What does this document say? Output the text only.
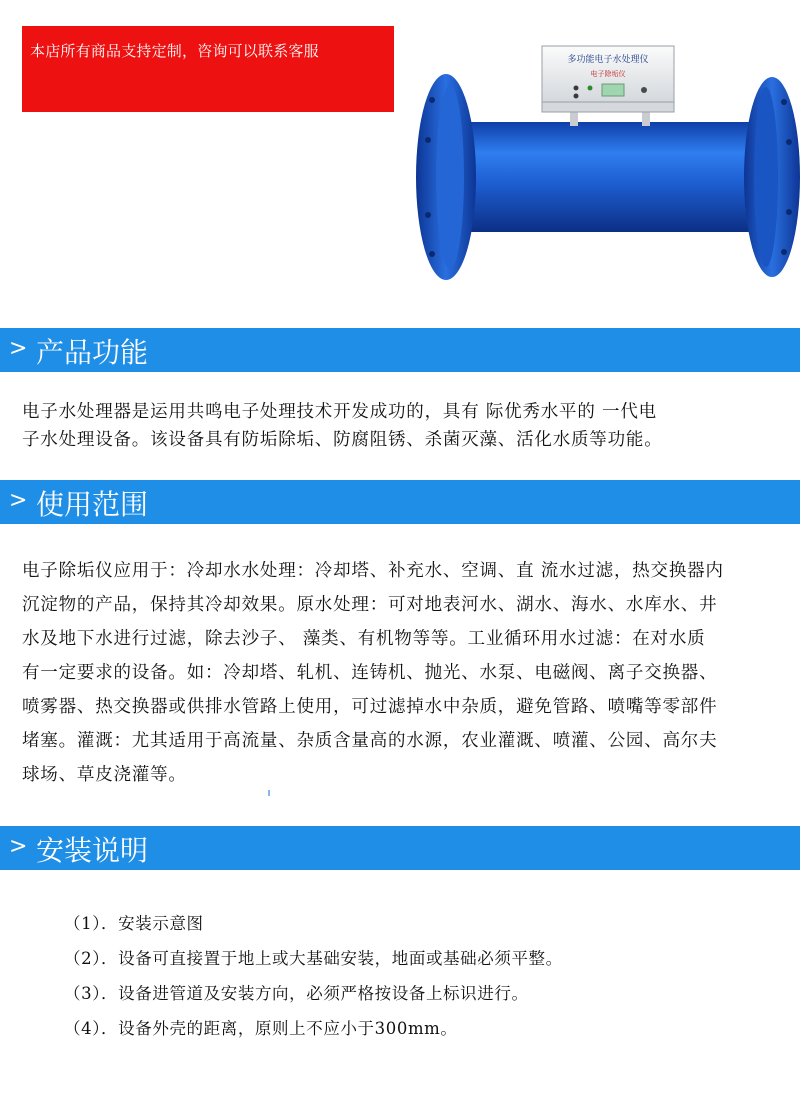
本店所有商品支持定制，咨询可以联系客服	多功能电子水处理仪
电子除垢仪
> 产品功能
电子水处理器是运用共鸣电子处理技术开发成功的，具有 际优秀水平的 一代电
子水处理设备。该设备具有防垢除垢、防腐阻锈、杀菌灭藻、活化水质等功能。
> 使用范围
电子除垢仪应用于：冷却水水处理：冷却塔、补充水、空调、直 流水过滤，热交换器内
沉淀物的产品，保持其冷却效果。原水处理：可对地表河水、湖水、海水、水库水、井
水及地下水进行过滤，除去沙子、 藻类、有机物等等。工业循环用水过滤：在对水质
有一定要求的设备。如：冷却塔、轧机、连铸机、抛光、水泵、电磁阀、离子交换器、
喷雾器、热交换器或供排水管路上使用，可过滤掉水中杂质，避免管路、喷嘴等零部件
堵塞。灌溉：尤其适用于高流量、杂质含量高的水源，农业灌溉、喷灌、公园、高尔夫
球场、草皮浇灌等。
> 安装说明
（1）．安装示意图
（2）．设备可直接置于地上或大基础安装，地面或基础必须平整。
（3）．设备进管道及安装方向，必须严格按设备上标识进行。
（4）．设备外壳的距离，原则上不应小于300mm。
